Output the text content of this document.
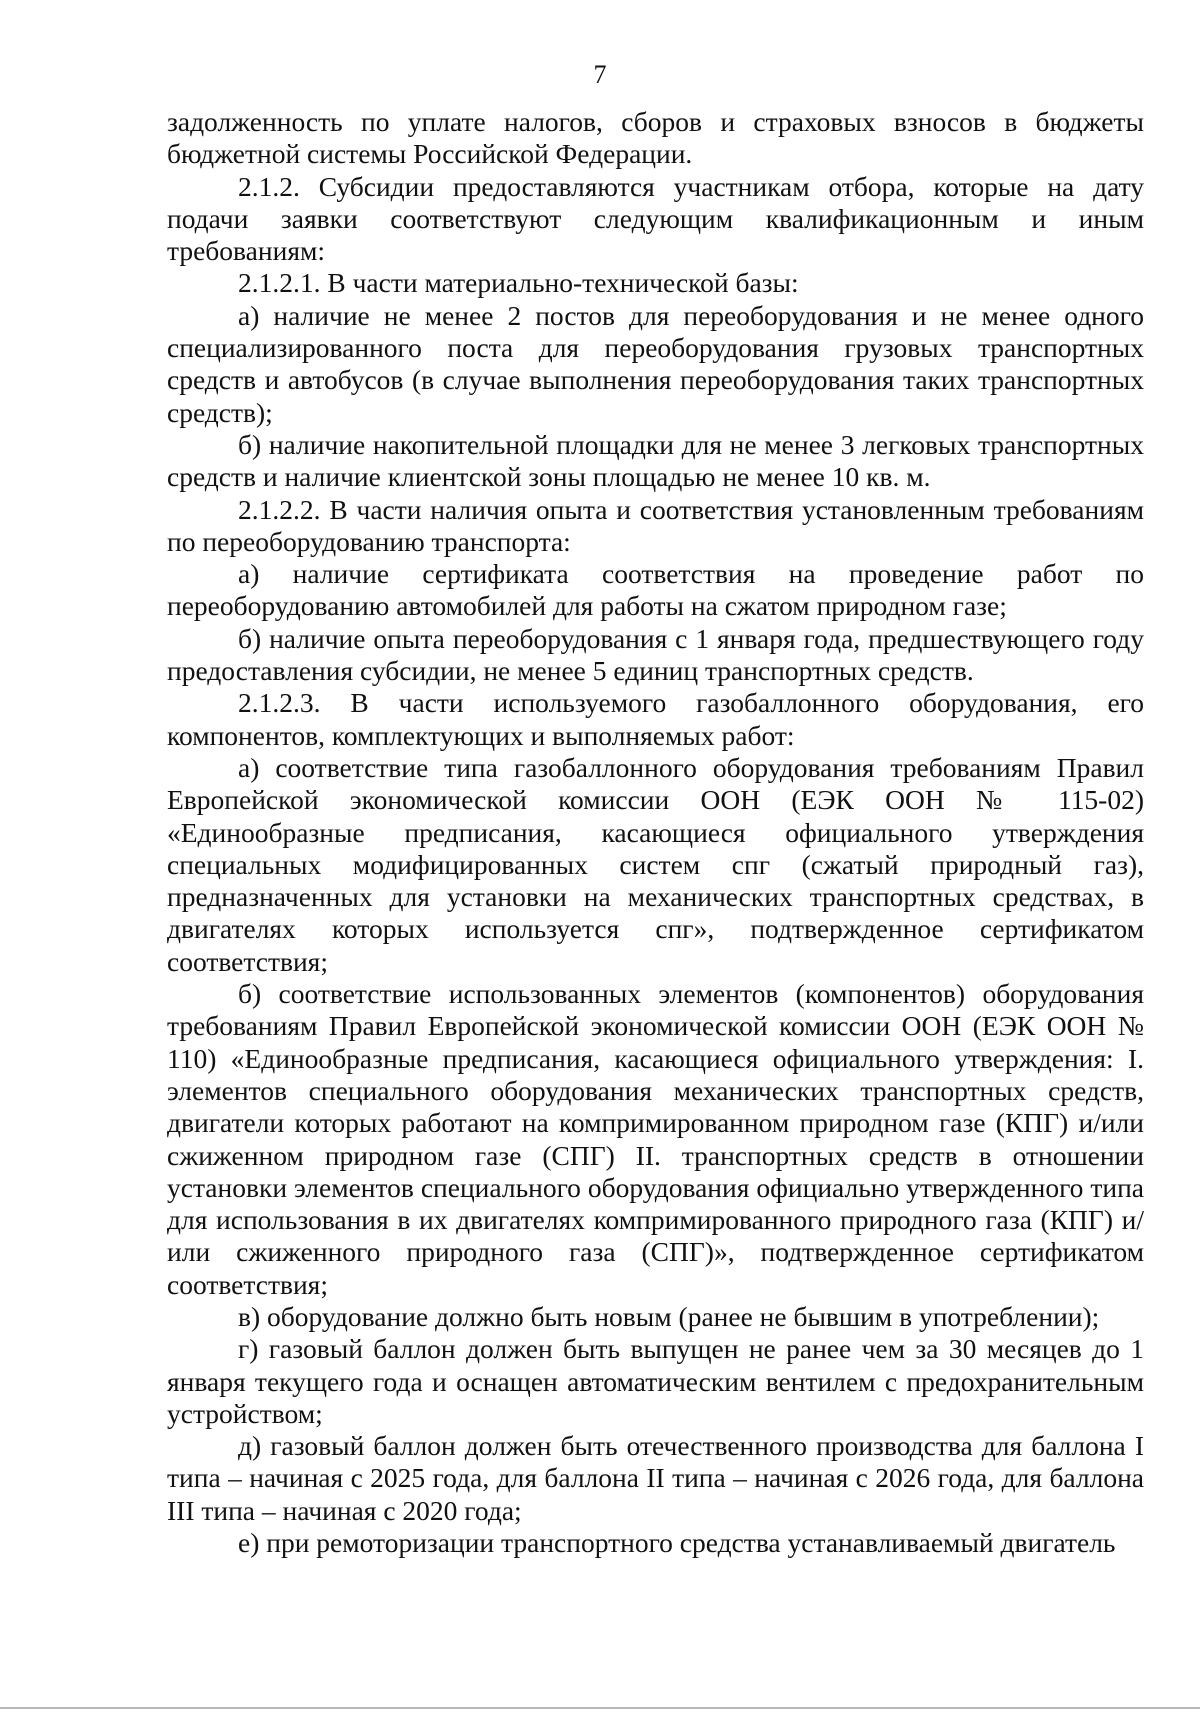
7

задолженность по уплате налогов, сборов и страховых взносов в бюджеты бюджетной системы Российской Федерации.

2.1.2. Субсидии предоставляются участникам отбора, которые на дату подачи заявки соответствуют следующим квалификационным и иным требованиям:

2.1.2.1. В части материально-технической базы:

а) наличие не менее 2 постов для переоборудования и не менее одного специализированного поста для переоборудования грузовых транспортных средств и автобусов (в случае выполнения переоборудования таких транспортных средств);

б) наличие накопительной площадки для не менее 3 легковых транспортных средств и наличие клиентской зоны площадью не менее 10 кв. м.

2.1.2.2. В части наличия опыта и соответствия установленным требованиям по переоборудованию транспорта:

а) наличие сертификата соответствия на проведение работ по переоборудованию автомобилей для работы на сжатом природном газе;

б) наличие опыта переоборудования с 1 января года, предшествующего году предоставления субсидии, не менее 5 единиц транспортных средств.

2.1.2.3. В части используемого газобаллонного оборудования, его компонентов, комплектующих и выполняемых работ:

а) соответствие типа газобаллонного оборудования требованиям Правил Европейской экономической комиссии ООН (ЕЭК ООН № 115-02) «Единообразные предписания, касающиеся официального утверждения специальных модифицированных систем спг (сжатый природный газ), предназначенных для установки на механических транспортных средствах, в двигателях которых используется спг», подтвержденное сертификатом соответствия;

б) соответствие использованных элементов (компонентов) оборудования требованиям Правил Европейской экономической комиссии ООН (ЕЭК ООН № 110) «Единообразные предписания, касающиеся официального утверждения: I. элементов специального оборудования механических транспортных средств, двигатели которых работают на компримированном природном газе (КПГ) и/или сжиженном природном газе (СПГ) II. транспортных средств в отношении установки элементов специального оборудования официально утвержденного типа для использования в их двигателях компримированного природного газа (КПГ) и/или сжиженного природного газа (СПГ)», подтвержденное сертификатом соответствия;

в) оборудование должно быть новым (ранее не бывшим в употреблении);

г) газовый баллон должен быть выпущен не ранее чем за 30 месяцев до 1 января текущего года и оснащен автоматическим вентилем с предохранительным устройством;

д) газовый баллон должен быть отечественного производства для баллона I типа – начиная с 2025 года, для баллона II типа – начиная с 2026 года, для баллона III типа – начиная с 2020 года;

е) при ремоторизации транспортного средства устанавливаемый двигатель
